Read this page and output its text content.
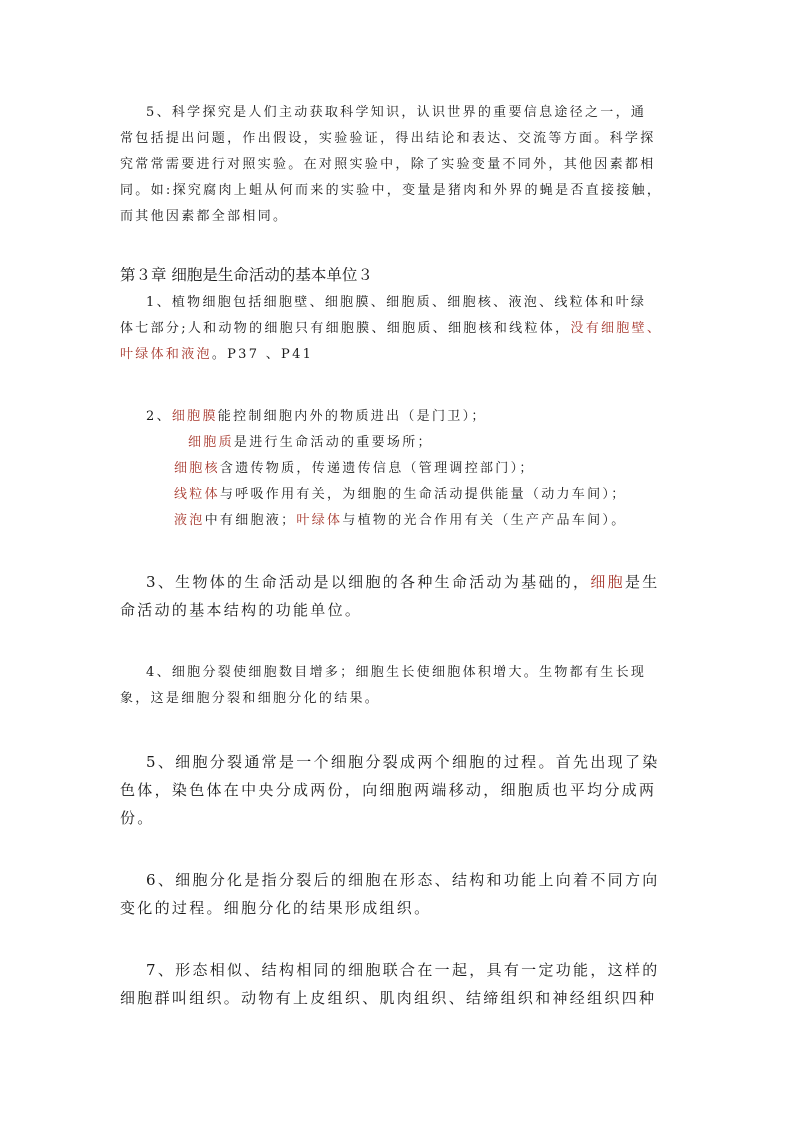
5、科学探究是人们主动获取科学知识，认识世界的重要信息途径之一，通
常包括提出问题，作出假设，实验验证，得出结论和表达、交流等方面。科学探
究常常需要进行对照实验。在对照实验中，除了实验变量不同外，其他因素都相
同。如:探究腐肉上蛆从何而来的实验中，变量是猪肉和外界的蝇是否直接接触，
而其他因素都全部相同。
第３章 细胞是生命活动的基本单位３
1、植物细胞包括细胞壁、细胞膜、细胞质、细胞核、液泡、线粒体和叶绿
体七部分;人和动物的细胞只有细胞膜、细胞质、细胞核和线粒体，没有细胞壁、
叶绿体和液泡。P37 、P41
2、细胞膜能控制细胞内外的物质进出（是门卫）；
细胞质是进行生命活动的重要场所；
细胞核含遗传物质，传递遗传信息（管理调控部门）；
线粒体与呼吸作用有关，为细胞的生命活动提供能量（动力车间）；
液泡中有细胞液；叶绿体与植物的光合作用有关（生产产品车间）。
3、生物体的生命活动是以细胞的各种生命活动为基础的，细胞是生
命活动的基本结构的功能单位。
4、细胞分裂使细胞数目增多；细胞生长使细胞体积增大。生物都有生长现
象，这是细胞分裂和细胞分化的结果。
5、细胞分裂通常是一个细胞分裂成两个细胞的过程。首先出现了染
色体，染色体在中央分成两份，向细胞两端移动，细胞质也平均分成两
份。
6、细胞分化是指分裂后的细胞在形态、结构和功能上向着不同方向
变化的过程。细胞分化的结果形成组织。
7、形态相似、结构相同的细胞联合在一起，具有一定功能，这样的
细胞群叫组织。动物有上皮组织、肌肉组织、结缔组织和神经组织四种
